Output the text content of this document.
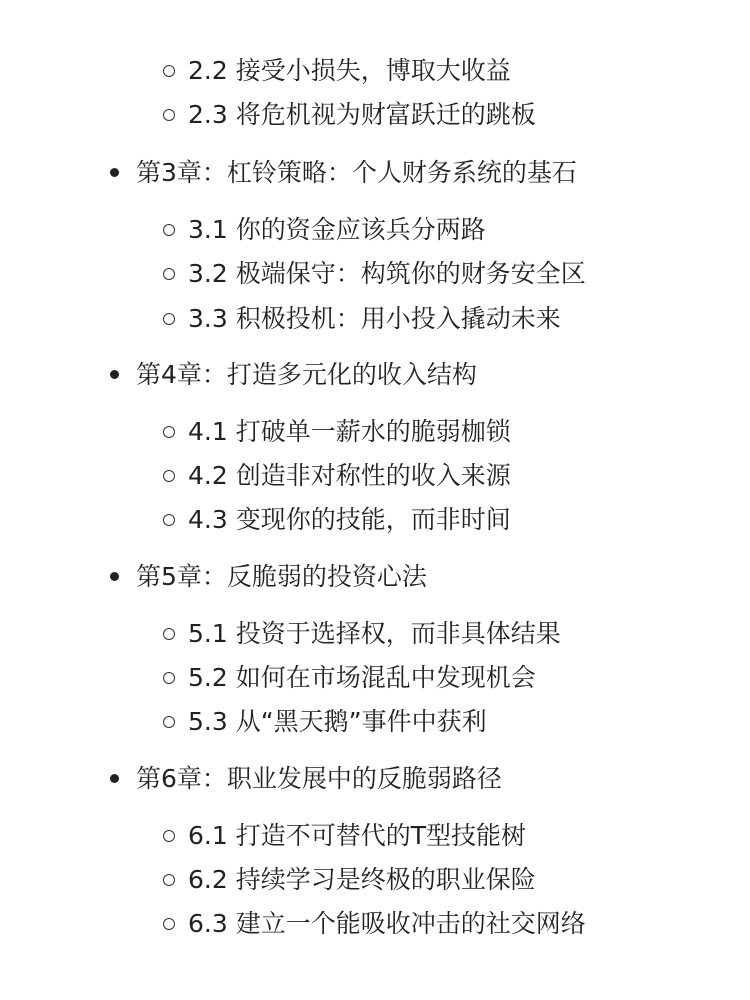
2.2 接受小损失，博取大收益
2.3 将危机视为财富跃迁的跳板
第3章：杠铃策略：个人财务系统的基石
3.1 你的资金应该兵分两路
3.2 极端保守：构筑你的财务安全区
3.3 积极投机：用小投入撬动未来
第4章：打造多元化的收入结构
4.1 打破单一薪水的脆弱枷锁
4.2 创造非对称性的收入来源
4.3 变现你的技能，而非时间
第5章：反脆弱的投资心法
5.1 投资于选择权，而非具体结果
5.2 如何在市场混乱中发现机会
5.3 从“黑天鹅”事件中获利
第6章：职业发展中的反脆弱路径
6.1 打造不可替代的T型技能树
6.2 持续学习是终极的职业保险
6.3 建立一个能吸收冲击的社交网络
